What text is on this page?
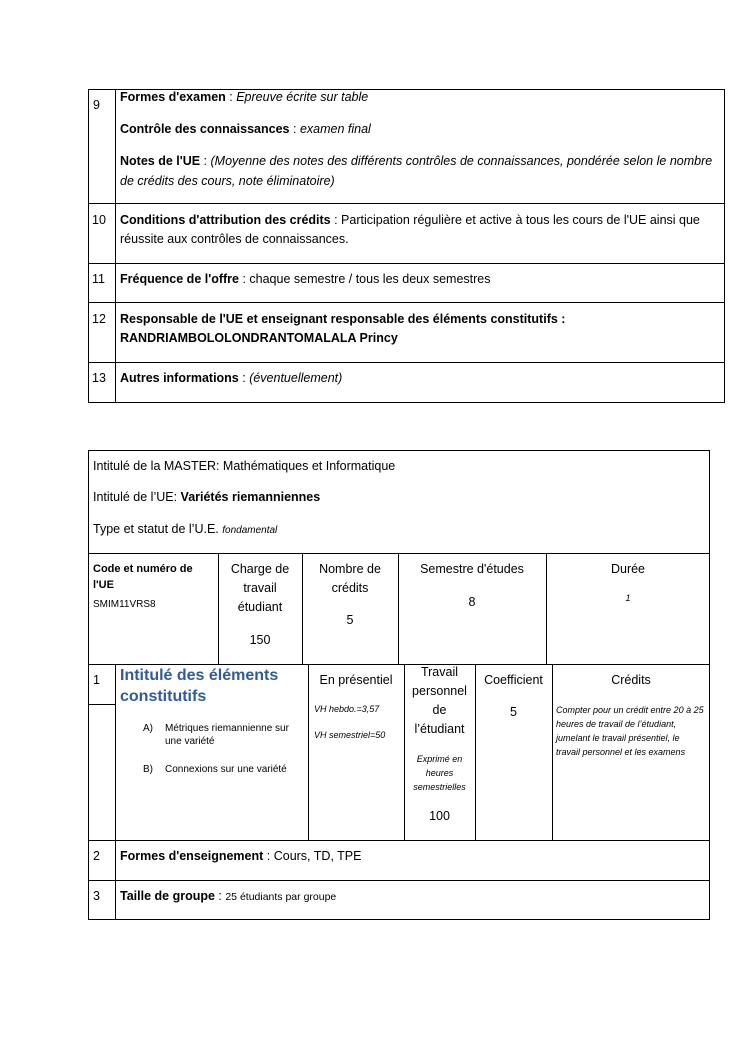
9
Formes d'examen : Epreuve écrite sur table
Contrôle des connaissances : examen final
Notes de l'UE : (Moyenne des notes des différents contrôles de connaissances, pondérée selon le nombre de crédits des cours, note éliminatoire)
10 Conditions d'attribution des crédits : Participation régulière et active à tous les cours de l'UE ainsi que réussite aux contrôles de connaissances.
11 Fréquence de l'offre : chaque semestre / tous les deux semestres
12 Responsable de l'UE et enseignant responsable des éléments constitutifs :
RANDRIAMBOLOLONDRANTOMALALA Princy
13 Autres informations : (éventuellement)
Intitulé de la MASTER: Mathématiques et Informatique
Intitulé de l’UE: Variétés riemanniennes
Type et statut de l’U.E. fondamental
Code et numéro de l'UE
SMIM11VRS8
Charge de travail étudiant
150
Nombre de crédits
5
Semestre d'études
8
Durée
1
1 Intitulé des éléments constitutifs
A) Métriques riemannienne sur une variété
B) Connexions sur une variété
En présentiel
VH hebdo.=3,57
VH semestriel=50
Travail personnel de l’étudiant
Exprimé en heures semestrielles
100
Coefficient
5
Crédits
Compter pour un crédit entre 20 à 25 heures de travail de l’étudiant, jumelant le travail présentiel, le travail personnel et les examens
2 Formes d'enseignement : Cours, TD, TPE
3 Taille de groupe : 25 étudiants par groupe
